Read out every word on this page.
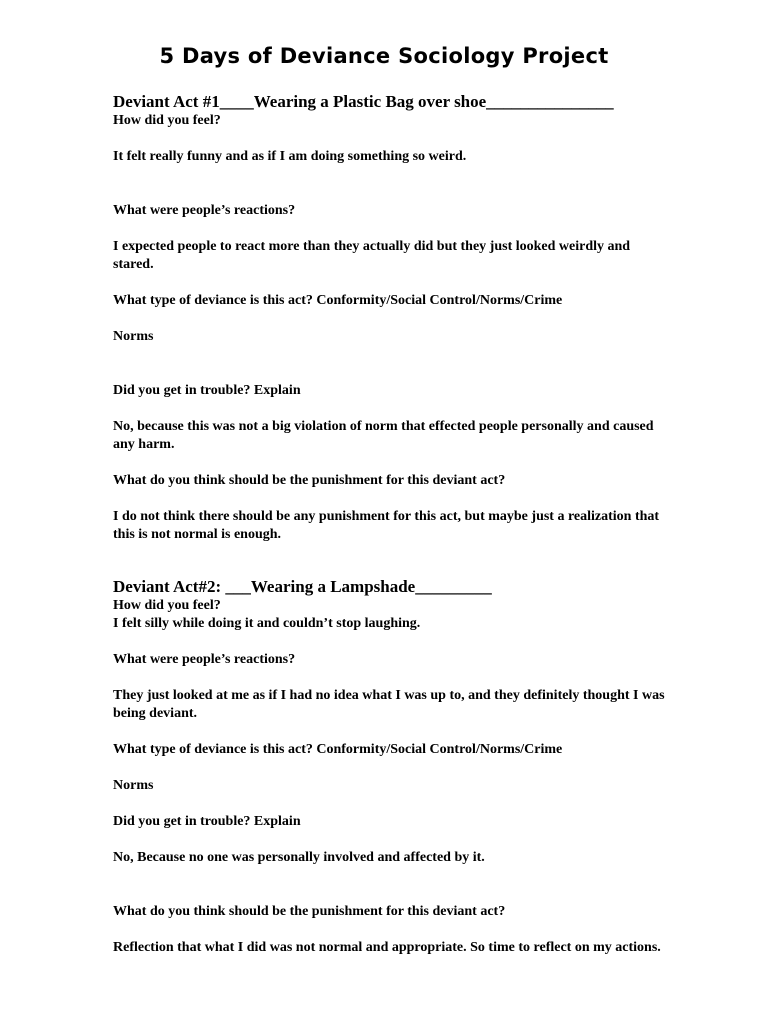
5 Days of Deviance Sociology Project

Deviant Act #1____Wearing a Plastic Bag over shoe_______________

How did you feel?

It felt really funny and as if I am doing something so weird.

What were people’s reactions?

I expected people to react more than they actually did but they just looked weirdly and stared.

What type of deviance is this act? Conformity/Social Control/Norms/Crime

Norms

Did you get in trouble? Explain

No, because this was not a big violation of norm that effected people personally and caused any harm.

What do you think should be the punishment for this deviant act?

I do not think there should be any punishment for this act, but maybe just a realization that this is not normal is enough.

Deviant Act#2: ___Wearing a Lampshade_________

How did you feel?

I felt silly while doing it and couldn’t stop laughing.

What were people’s reactions?

They just looked at me as if I had no idea what I was up to, and they definitely thought I was being deviant.

What type of deviance is this act? Conformity/Social Control/Norms/Crime

Norms

Did you get in trouble? Explain

No, Because no one was personally involved and affected by it.

What do you think should be the punishment for this deviant act?

Reflection that what I did was not normal and appropriate. So time to reflect on my actions.
